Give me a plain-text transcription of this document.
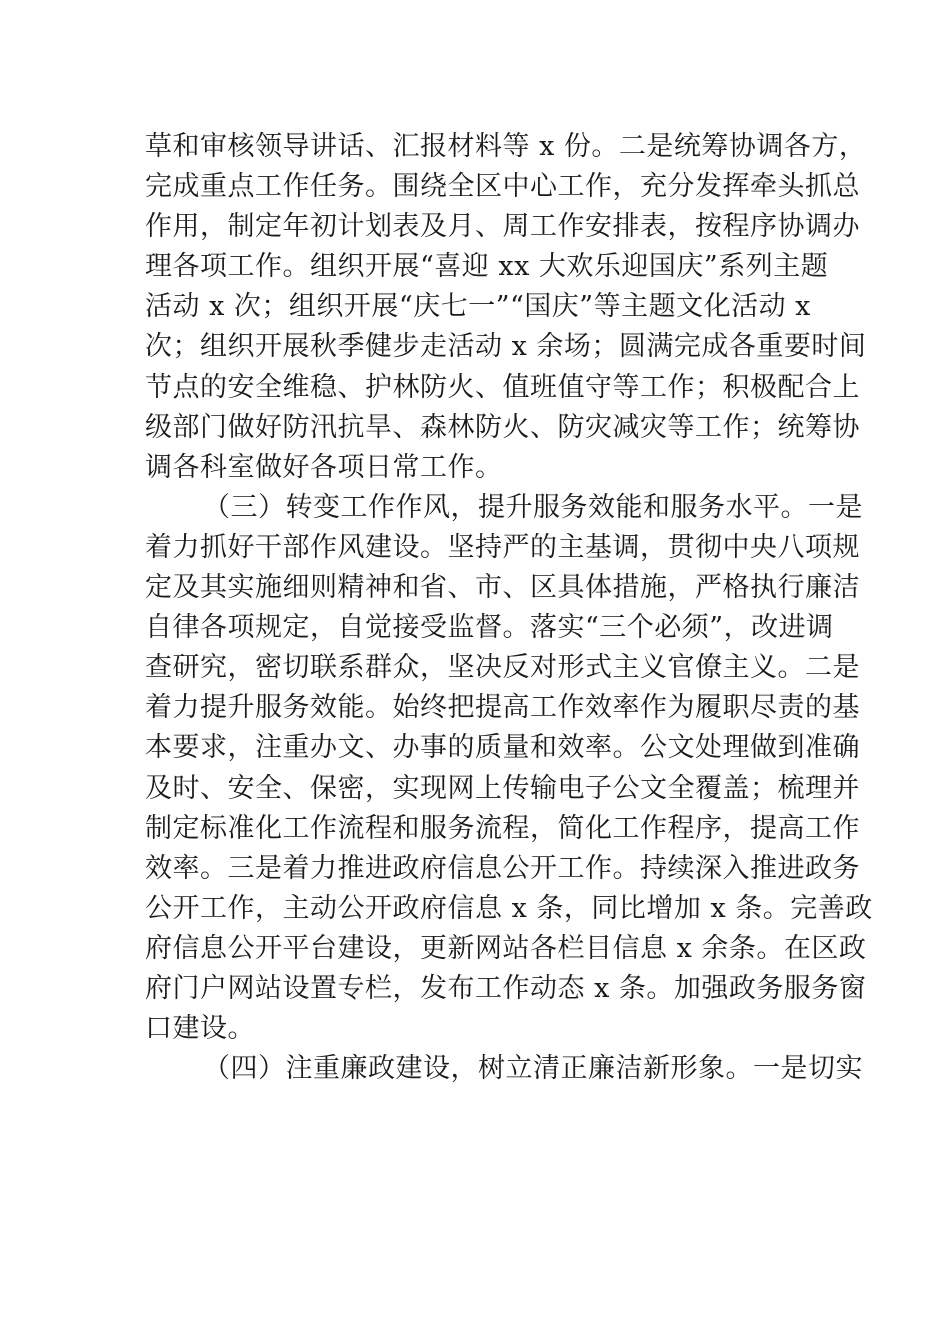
草和审核领导讲话、汇报材料等 x 份。二是统筹协调各方，
完成重点工作任务。围绕全区中心工作，充分发挥牵头抓总
作用，制定年初计划表及月、周工作安排表，按程序协调办
理各项工作。组织开展“喜迎 xx 大欢乐迎国庆”系列主题
活动 x 次；组织开展“庆七一”“国庆”等主题文化活动 x
次；组织开展秋季健步走活动 x 余场；圆满完成各重要时间
节点的安全维稳、护林防火、值班值守等工作；积极配合上
级部门做好防汛抗旱、森林防火、防灾减灾等工作；统筹协
调各科室做好各项日常工作。
（三）转变工作作风，提升服务效能和服务水平。一是
着力抓好干部作风建设。坚持严的主基调，贯彻中央八项规
定及其实施细则精神和省、市、区具体措施，严格执行廉洁
自律各项规定，自觉接受监督。落实“三个必须”，改进调
查研究，密切联系群众，坚决反对形式主义官僚主义。二是
着力提升服务效能。始终把提高工作效率作为履职尽责的基
本要求，注重办文、办事的质量和效率。公文处理做到准确
及时、安全、保密，实现网上传输电子公文全覆盖；梳理并
制定标准化工作流程和服务流程，简化工作程序，提高工作
效率。三是着力推进政府信息公开工作。持续深入推进政务
公开工作，主动公开政府信息 x 条，同比增加 x 条。完善政
府信息公开平台建设，更新网站各栏目信息 x 余条。在区政
府门户网站设置专栏，发布工作动态 x 条。加强政务服务窗
口建设。
（四）注重廉政建设，树立清正廉洁新形象。一是切实
